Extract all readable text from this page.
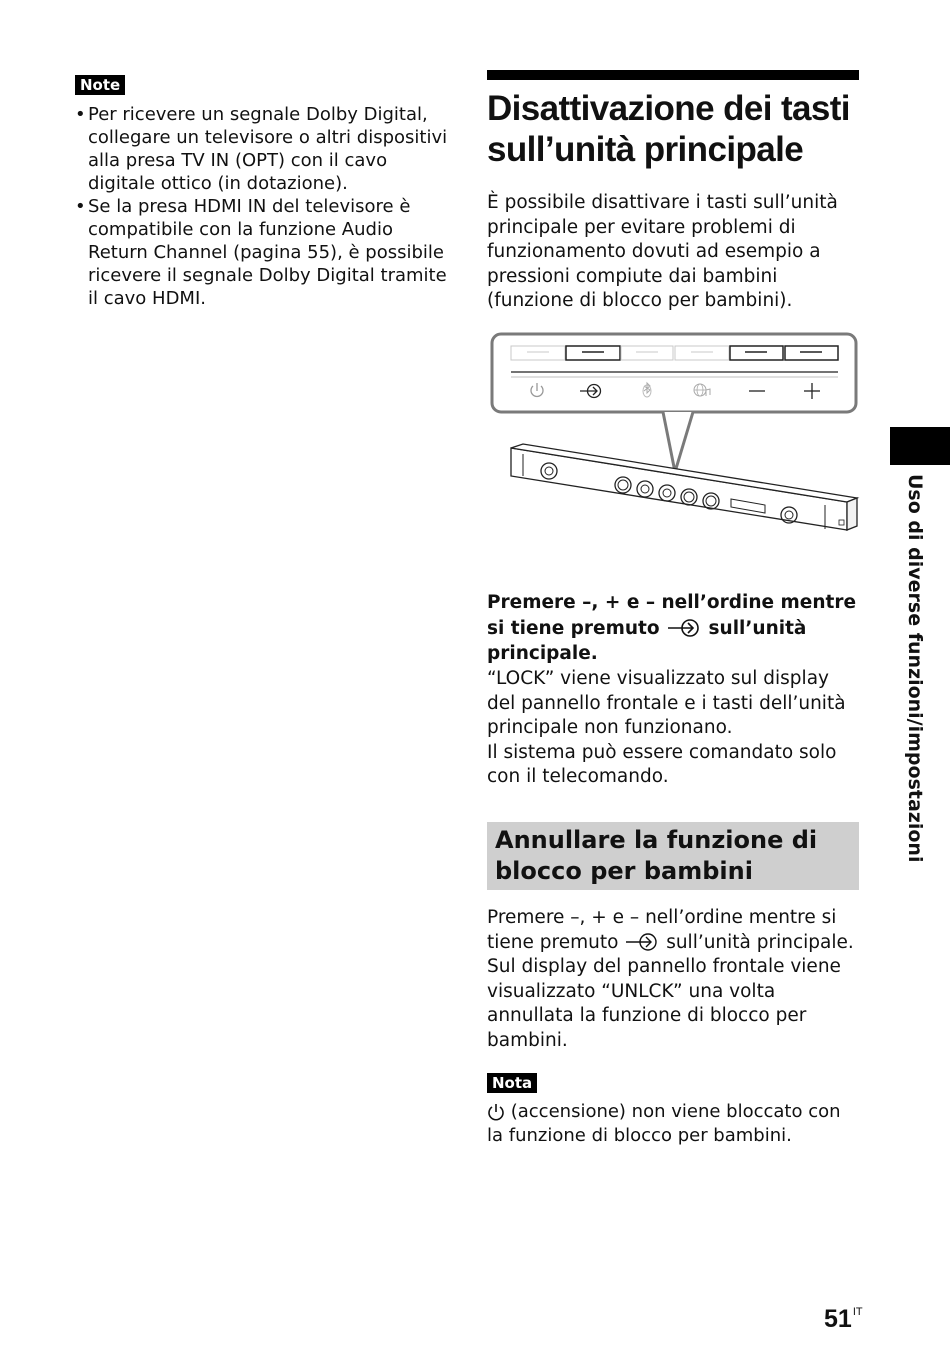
Note
• Per ricevere un segnale Dolby Digital, collegare un televisore o altri dispositivi alla presa TV IN (OPT) con il cavo digitale ottico (in dotazione).
• Se la presa HDMI IN del televisore è compatibile con la funzione Audio Return Channel (pagina 55), è possibile ricevere il segnale Dolby Digital tramite il cavo HDMI.
Disattivazione dei tasti sull’unità principale

È possibile disattivare i tasti sull’unità principale per evitare problemi di funzionamento dovuti ad esempio a pressioni compiute dai bambini (funzione di blocco per bambini).

Premere –, + e – nell’ordine mentre si tiene premuto	sull’unità principale.

“LOCK” viene visualizzato sul display del pannello frontale e i tasti dell’unità principale non funzionano.
Il sistema può essere comandato solo con il telecomando.

Annullare la funzione di blocco per bambini

Premere –, + e – nell’ordine mentre si tiene premuto	sull’unità principale. Sul display del pannello frontale viene visualizzato “UNLCK” una volta annullata la funzione di blocco per bambini.

Nota

(accensione) non viene bloccato con la funzione di blocco per bambini.

Uso di diverse funzioni/impostazioni
$51^{IT}$
